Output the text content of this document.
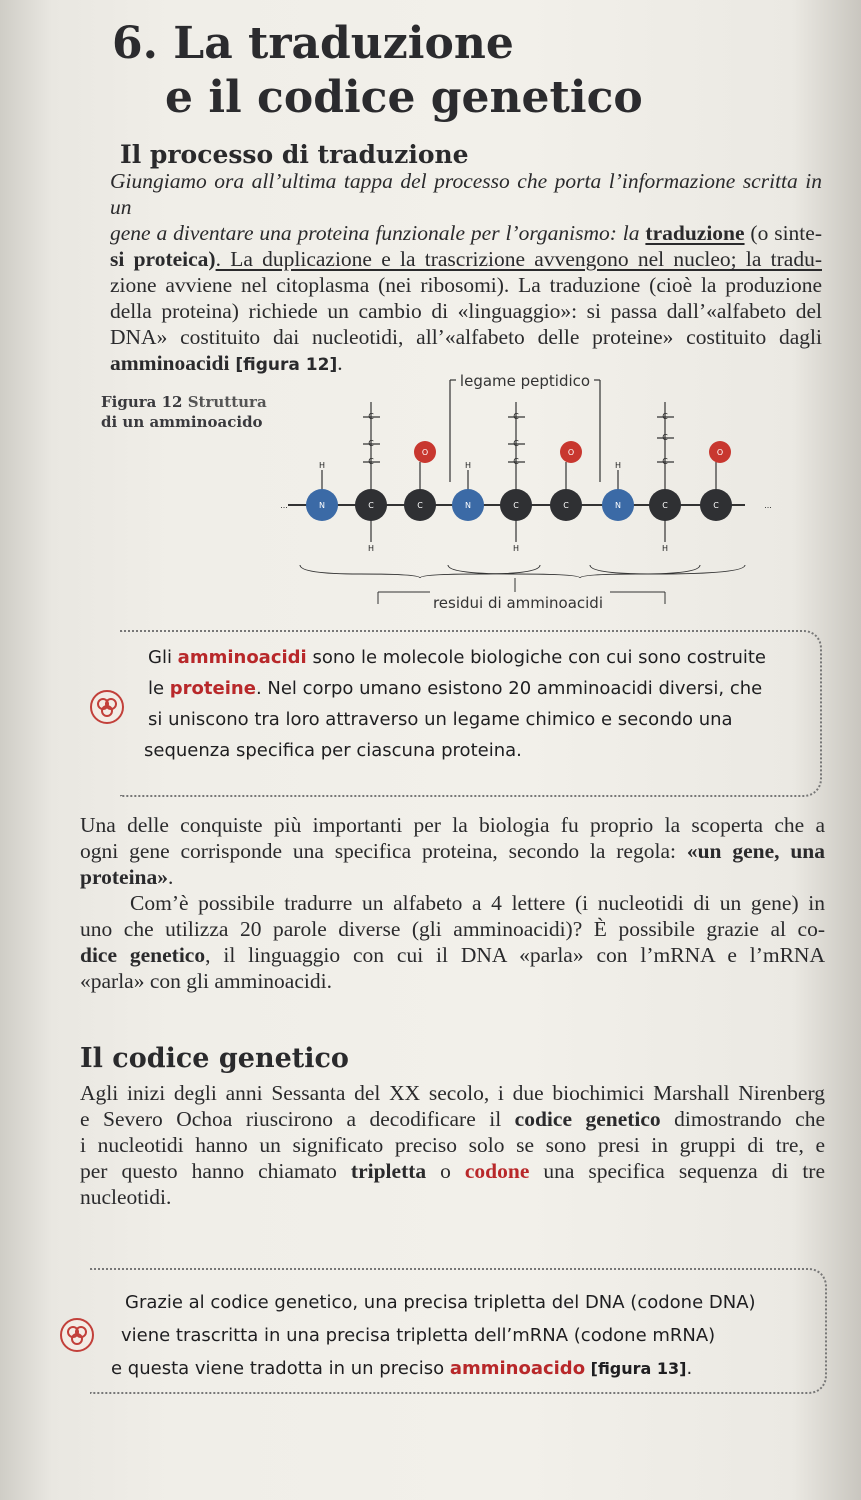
6. La traduzione
e il codice genetico
Il processo di traduzione
Giungiamo ora all’ultima tappa del processo che porta l’informazione scritta in un
gene a diventare una proteina funzionale per l’organismo: la traduzione (o sinte-
si proteica). La duplicazione e la trascrizione avvengono nel nucleo; la tradu-
zione avviene nel citoplasma (nei ribosomi). La traduzione (cioè la produzione
della proteina) richiede un cambio di «linguaggio»: si passa dall’«alfabeto del
DNA» costituito dai nucleotidi, all’«alfabeto delle proteine» costituito dagli
amminoacidi [figura 12].
Figura 12 Struttura
di un amminoacido
legame peptidico
...	...
C
C
C
C
C
C
C
C
C
H
H
H
H
H
H
O	O	O
N	C	C	N	C	C	N	C	C
residui di amminoacidi
Gli amminoacidi sono le molecole biologiche con cui sono costruite
le proteine. Nel corpo umano esistono 20 amminoacidi diversi, che
si uniscono tra loro attraverso un legame chimico e secondo una
sequenza specifica per ciascuna proteina.
Una delle conquiste più importanti per la biologia fu proprio la scoperta che a
ogni gene corrisponde una specifica proteina, secondo la regola: «un gene, una
proteina».
Com’è possibile tradurre un alfabeto a 4 lettere (i nucleotidi di un gene) in
uno che utilizza 20 parole diverse (gli amminoacidi)? È possibile grazie al co-
dice genetico, il linguaggio con cui il DNA «parla» con l’mRNA e l’mRNA
«parla» con gli amminoacidi.
Il codice genetico
Agli inizi degli anni Sessanta del XX secolo, i due biochimici Marshall Nirenberg
e Severo Ochoa riuscirono a decodificare il codice genetico dimostrando che
i nucleotidi hanno un significato preciso solo se sono presi in gruppi di tre, e
per questo hanno chiamato tripletta o codone una specifica sequenza di tre
nucleotidi.
Grazie al codice genetico, una precisa tripletta del DNA (codone DNA)
viene trascritta in una precisa tripletta dell’mRNA (codone mRNA)
e questa viene tradotta in un preciso amminoacido [figura 13].
